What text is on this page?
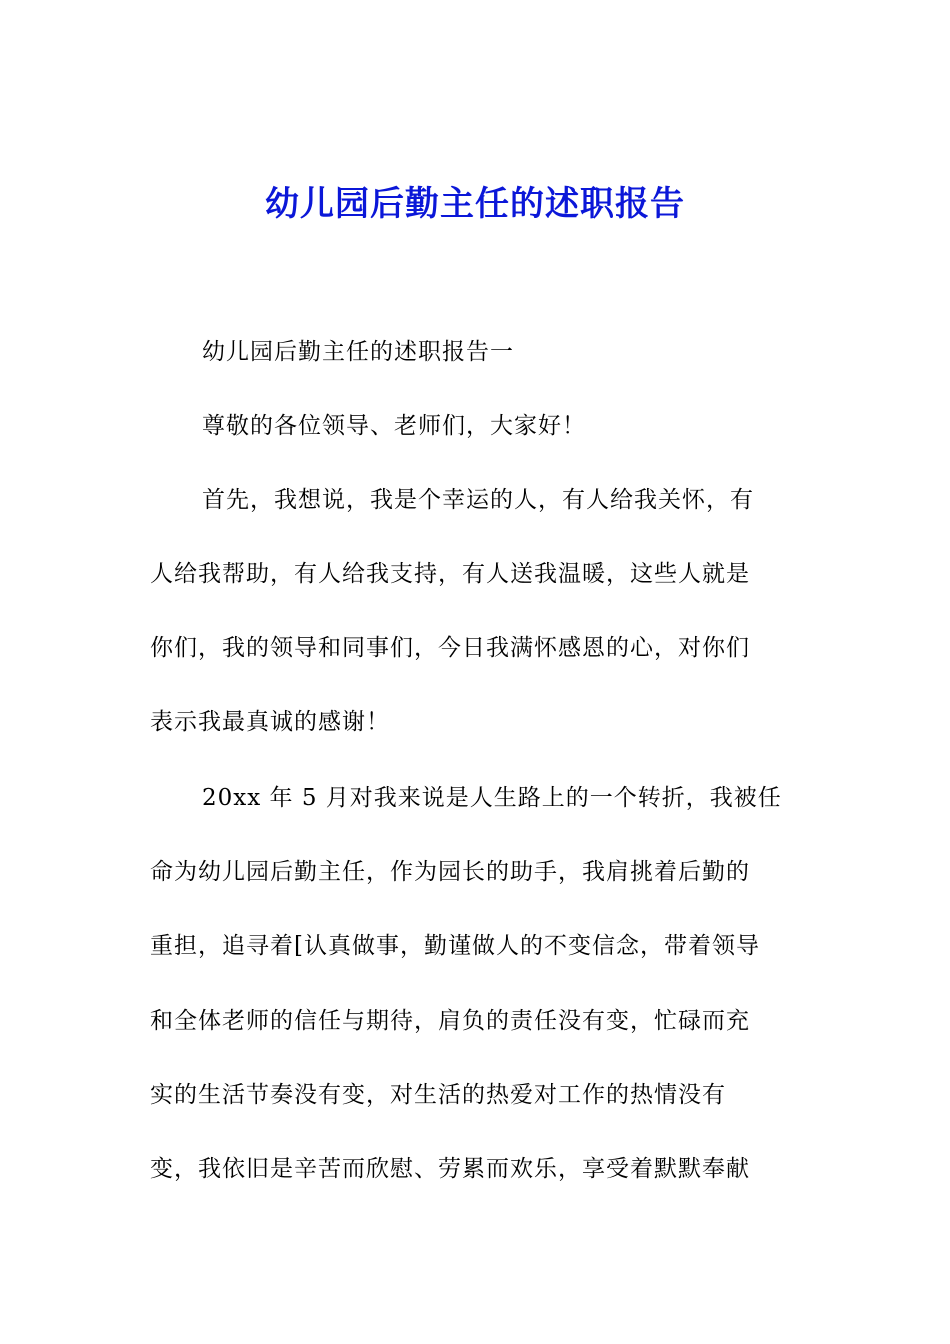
幼儿园后勤主任的述职报告

幼儿园后勤主任的述职报告一

尊敬的各位领导、老师们，大家好！

首先，我想说，我是个幸运的人，有人给我关怀，有

人给我帮助，有人给我支持，有人送我温暖，这些人就是

你们，我的领导和同事们，今日我满怀感恩的心，对你们

表示我最真诚的感谢！

20xx 年 5 月对我来说是人生路上的一个转折，我被任

命为幼儿园后勤主任，作为园长的助手，我肩挑着后勤的

重担，追寻着[认真做事，勤谨做人的不变信念，带着领导

和全体老师的信任与期待，肩负的责任没有变，忙碌而充

实的生活节奏没有变，对生活的热爱对工作的热情没有

变，我依旧是辛苦而欣慰、劳累而欢乐，享受着默默奉献
